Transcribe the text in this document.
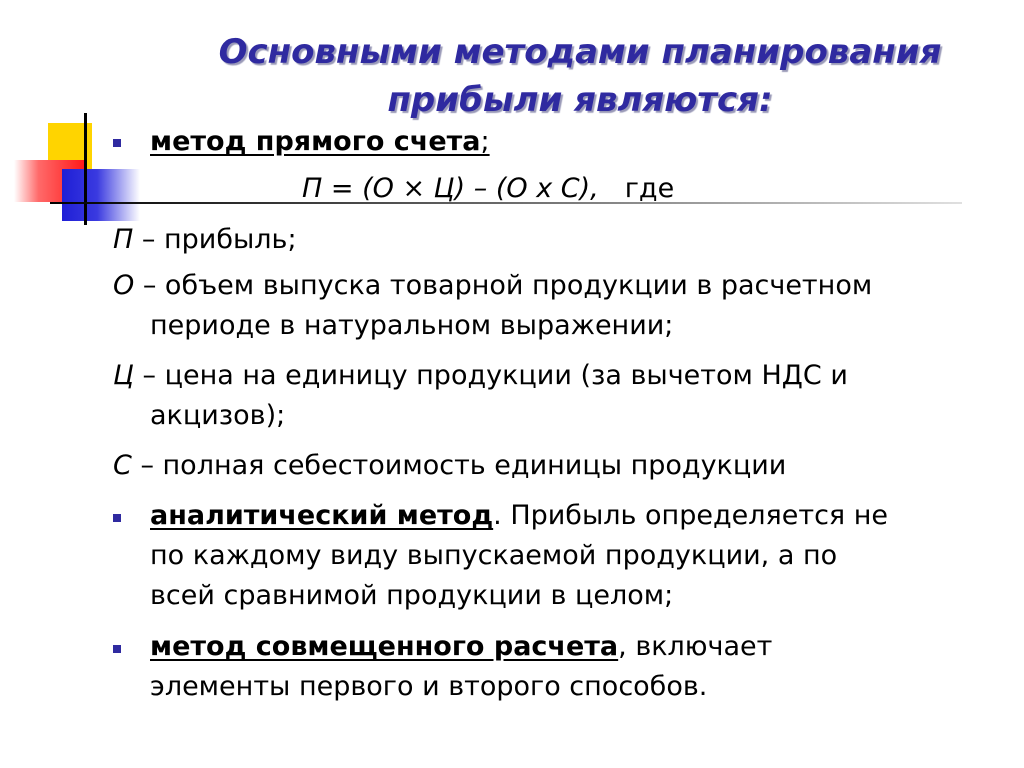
Основными методами планирования
прибыли являются:
метод прямого счета;
П = (О × Ц) – (О х С), где
П – прибыль;
О – объем выпуска товарной продукции в расчетном
периоде в натуральном выражении;
Ц – цена на единицу продукции (за вычетом НДС и
акцизов);
С – полная себестоимость единицы продукции
аналитический метод. Прибыль определяется не
по каждому виду выпускаемой продукции, а по
всей сравнимой продукции в целом;
метод совмещенного расчета, включает
элементы первого и второго способов.
